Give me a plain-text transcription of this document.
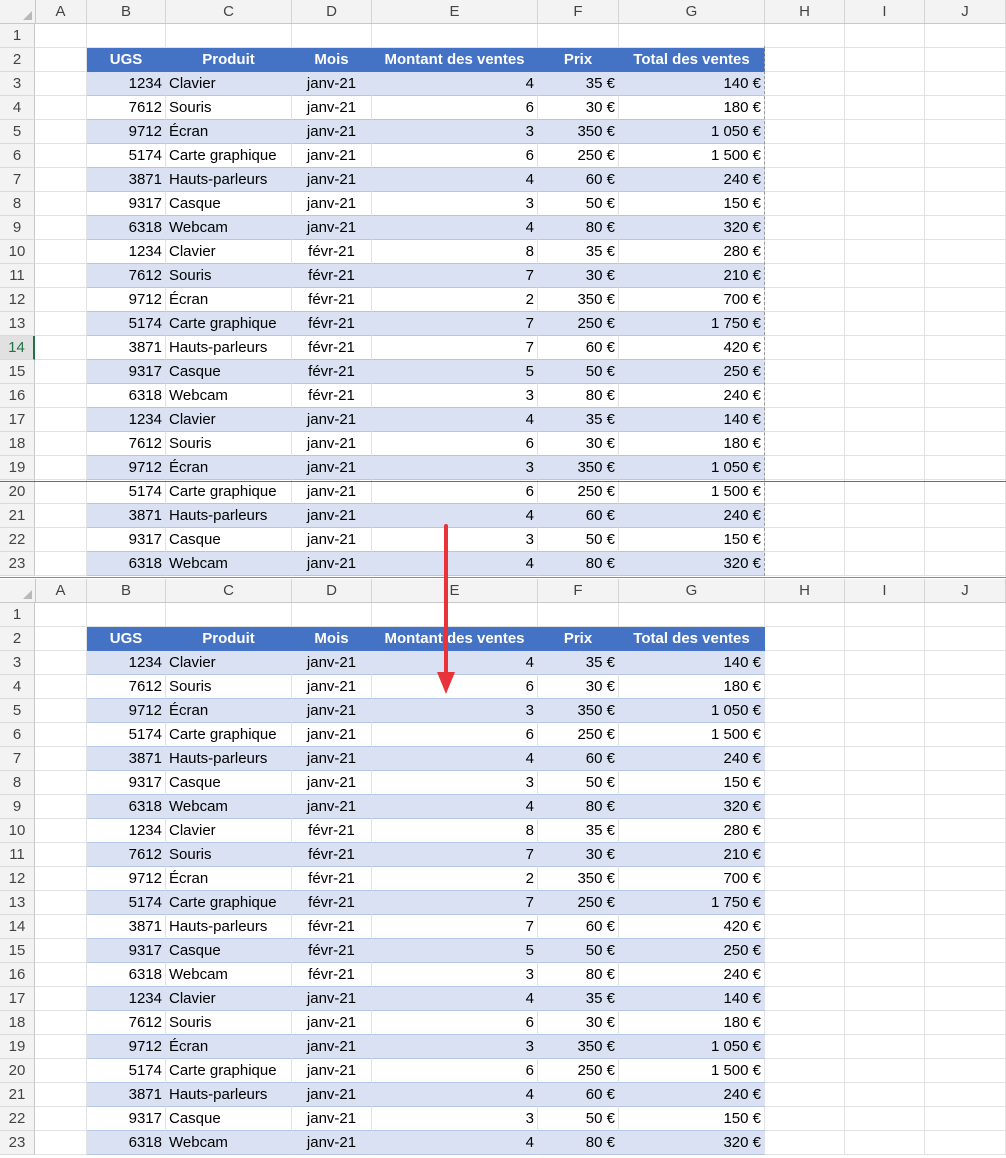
A	B	C	D	E	F	G	H	I	J
1
2	UGS	Produit	Mois	Montant des ventes	Prix	Total des ventes
3	1234 Clavier	janv-21	4	35 €	140 €
4	7612 Souris	janv-21	6	30 €	180 €
5	9712 Écran	janv-21	3	350 €	1 050 €
6	5174 Carte graphique	janv-21	6	250 €	1 500 €
7	3871 Hauts-parleurs	janv-21	4	60 €	240 €
8	9317 Casque	janv-21	3	50 €	150 €
9	6318 Webcam	janv-21	4	80 €	320 €
10	1234 Clavier	févr-21	8	35 €	280 €
11	7612 Souris	févr-21	7	30 €	210 €
12	9712 Écran	févr-21	2	350 €	700 €
13	5174 Carte graphique	févr-21	7	250 €	1 750 €
14	3871 Hauts-parleurs	févr-21	7	60 €	420 €
15	9317 Casque	févr-21	5	50 €	250 €
16	6318 Webcam	févr-21	3	80 €	240 €
17	1234 Clavier	janv-21	4	35 €	140 €
18	7612 Souris	janv-21	6	30 €	180 €
19	9712 Écran	janv-21	3	350 €	1 050 €
20	5174 Carte graphique	janv-21	6	250 €	1 500 €
21	3871 Hauts-parleurs	janv-21	4	60 €	240 €
22	9317 Casque	janv-21	3	50 €	150 €
23	6318 Webcam	janv-21	4	80 €	320 €
A	B	C	D	E	F	G	H	I	J
1
2	UGS	Produit	Mois	Montant des ventes	Prix	Total des ventes
3	1234 Clavier	janv-21	4	35 €	140 €
4	7612 Souris	janv-21	6	30 €	180 €
5	9712 Écran	janv-21	3	350 €	1 050 €
6	5174 Carte graphique	janv-21	6	250 €	1 500 €
7	3871 Hauts-parleurs	janv-21	4	60 €	240 €
8	9317 Casque	janv-21	3	50 €	150 €
9	6318 Webcam	janv-21	4	80 €	320 €
10	1234 Clavier	févr-21	8	35 €	280 €
11	7612 Souris	févr-21	7	30 €	210 €
12	9712 Écran	févr-21	2	350 €	700 €
13	5174 Carte graphique	févr-21	7	250 €	1 750 €
14	3871 Hauts-parleurs	févr-21	7	60 €	420 €
15	9317 Casque	févr-21	5	50 €	250 €
16	6318 Webcam	févr-21	3	80 €	240 €
17	1234 Clavier	janv-21	4	35 €	140 €
18	7612 Souris	janv-21	6	30 €	180 €
19	9712 Écran	janv-21	3	350 €	1 050 €
20	5174 Carte graphique	janv-21	6	250 €	1 500 €
21	3871 Hauts-parleurs	janv-21	4	60 €	240 €
22	9317 Casque	janv-21	3	50 €	150 €
23	6318 Webcam	janv-21	4	80 €	320 €
